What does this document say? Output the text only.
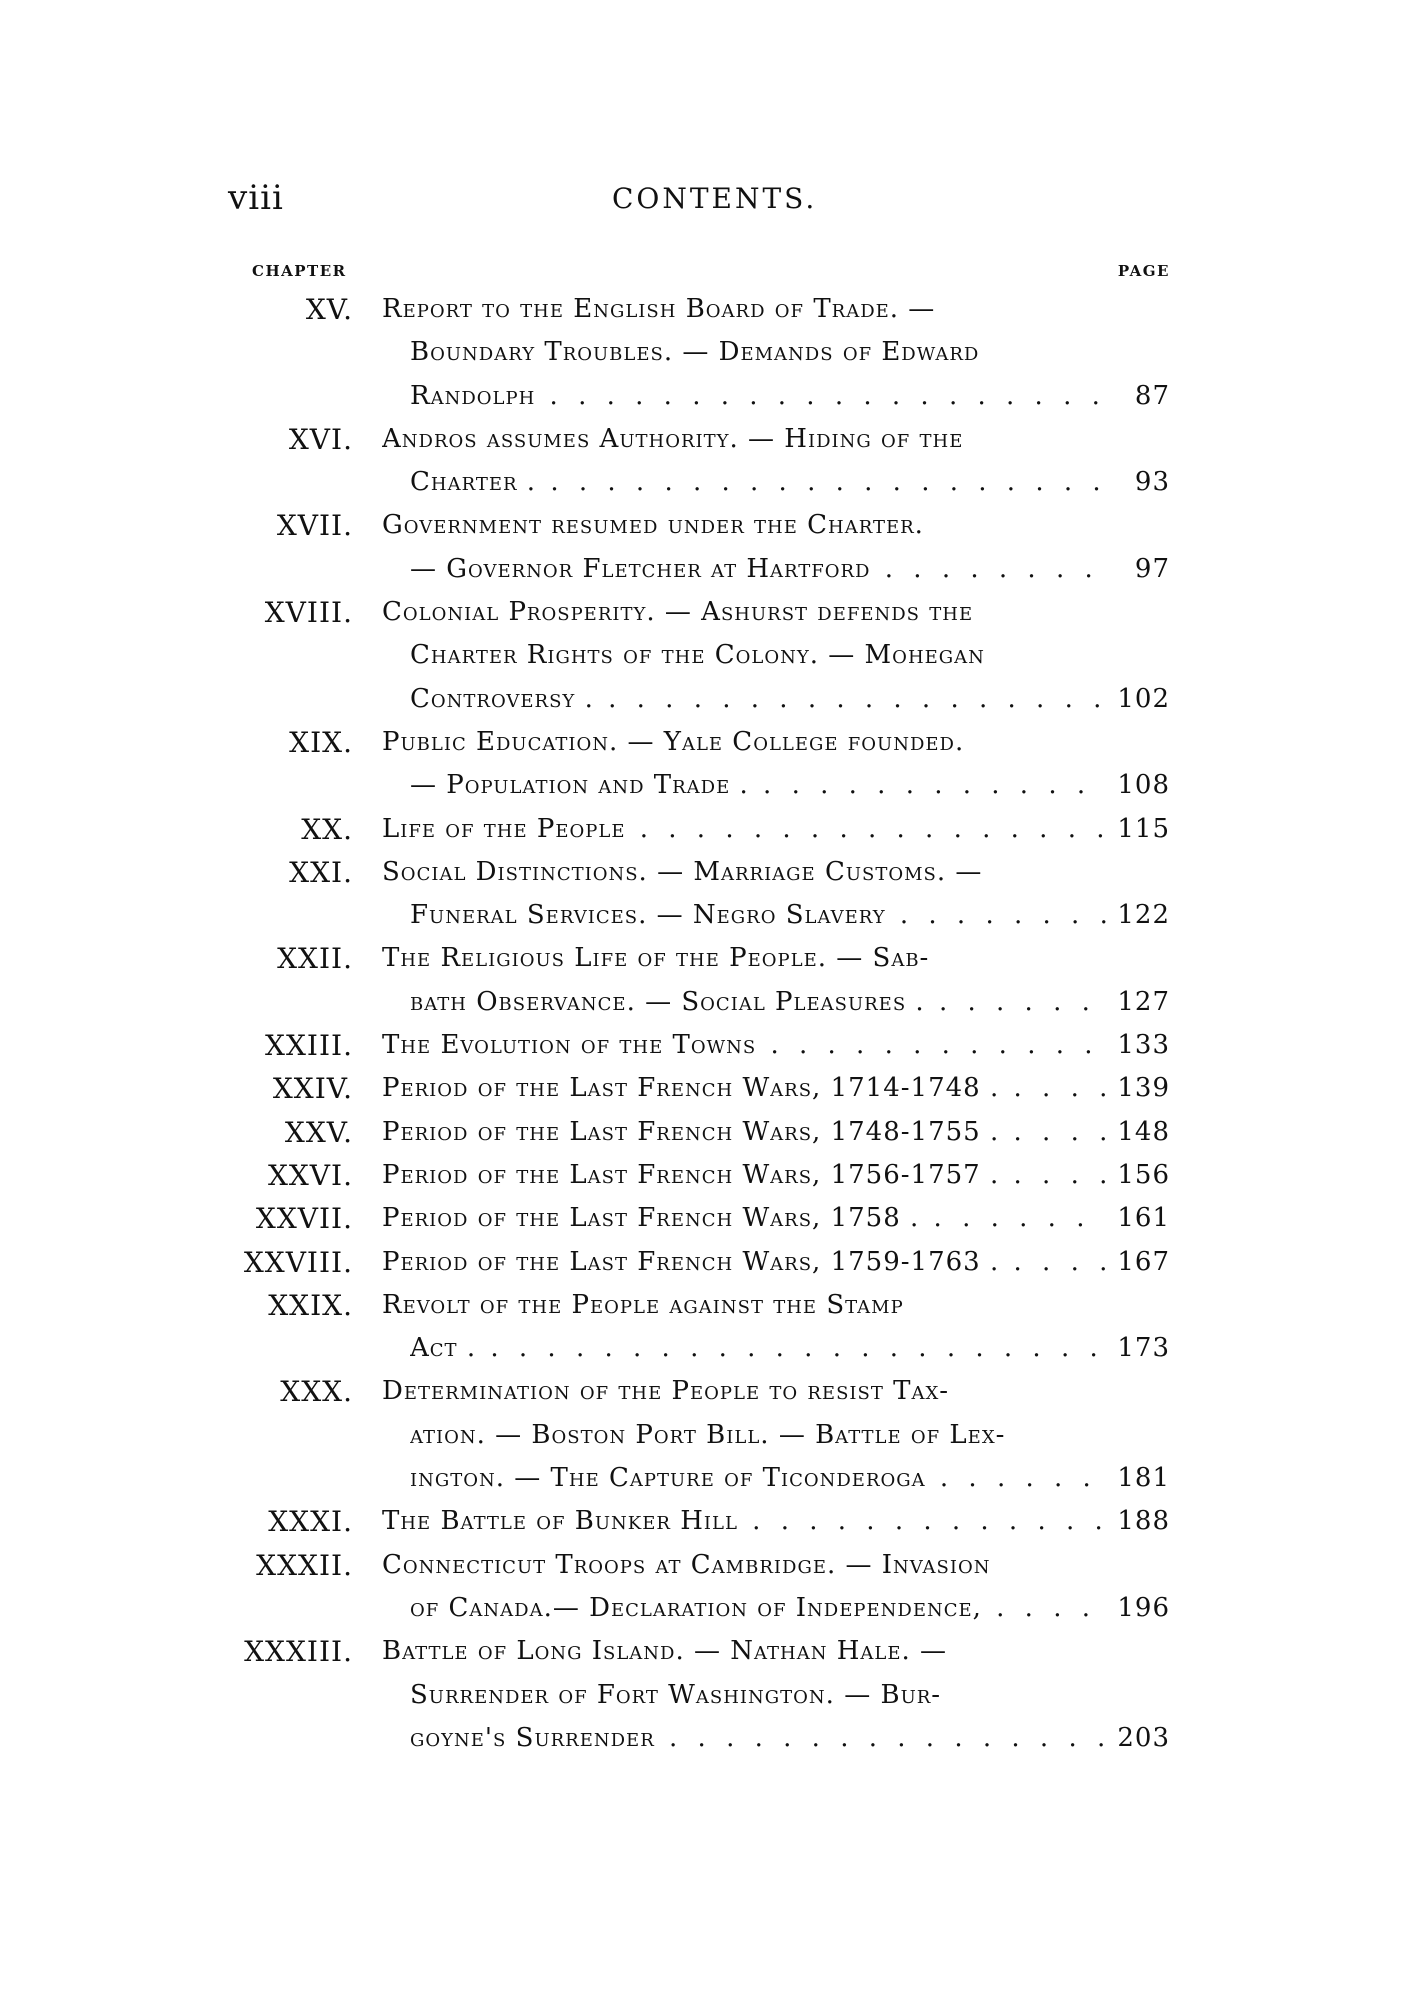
viii	CONTENTS.
CHAPTER	PAGE
XV. Report to the English Board of Trade. —
Boundary Troubles. — Demands of Edward
Randolph . .	87
XVI. Andros assumes Authority. — Hiding of the
Charter . . .	93
XVII. Government resumed under the Charter.
— Governor Fletcher at Hartford . .	97
XVIII. Colonial Prosperity. — Ashurst defends the
Charter Rights of the Colony. — Mohegan
Controversy . . .	102
XIX. Public Education. — Yale College founded.
— Population and Trade . . .	108
XX. Life of the People . .	115
XXI. Social Distinctions. — Marriage Customs. —
Funeral Services. — Negro Slavery . .	122
XXII. The Religious Life of the People. — Sab-
bath Observance. — Social Pleasures . . .	127
XXIII. The Evolution of the Towns . .	133
XXIV. Period of the Last French Wars, 1714-1748 . . .	139
XXV. Period of the Last French Wars, 1748-1755 . . .	148
XXVI. Period of the Last French Wars, 1756-1757 . . .	156
XXVII. Period of the Last French Wars, 1758 . . .	161
XXVIII. Period of the Last French Wars, 1759-1763 . . .	167
XXIX. Revolt of the People against the Stamp
Act . . .	173
XXX. Determination of the People to resist Tax-
ation. — Boston Port Bill. — Battle of Lex-
ington. — The Capture of Ticonderoga . .	181
XXXI. The Battle of Bunker Hill . .	188
XXXII. Connecticut Troops at Cambridge. — Invasion
of Canada.— Declaration of Independence, . .	196
XXXIII. Battle of Long Island. — Nathan Hale. —
Surrender of Fort Washington. — Bur-
goyne's Surrender . .	203
